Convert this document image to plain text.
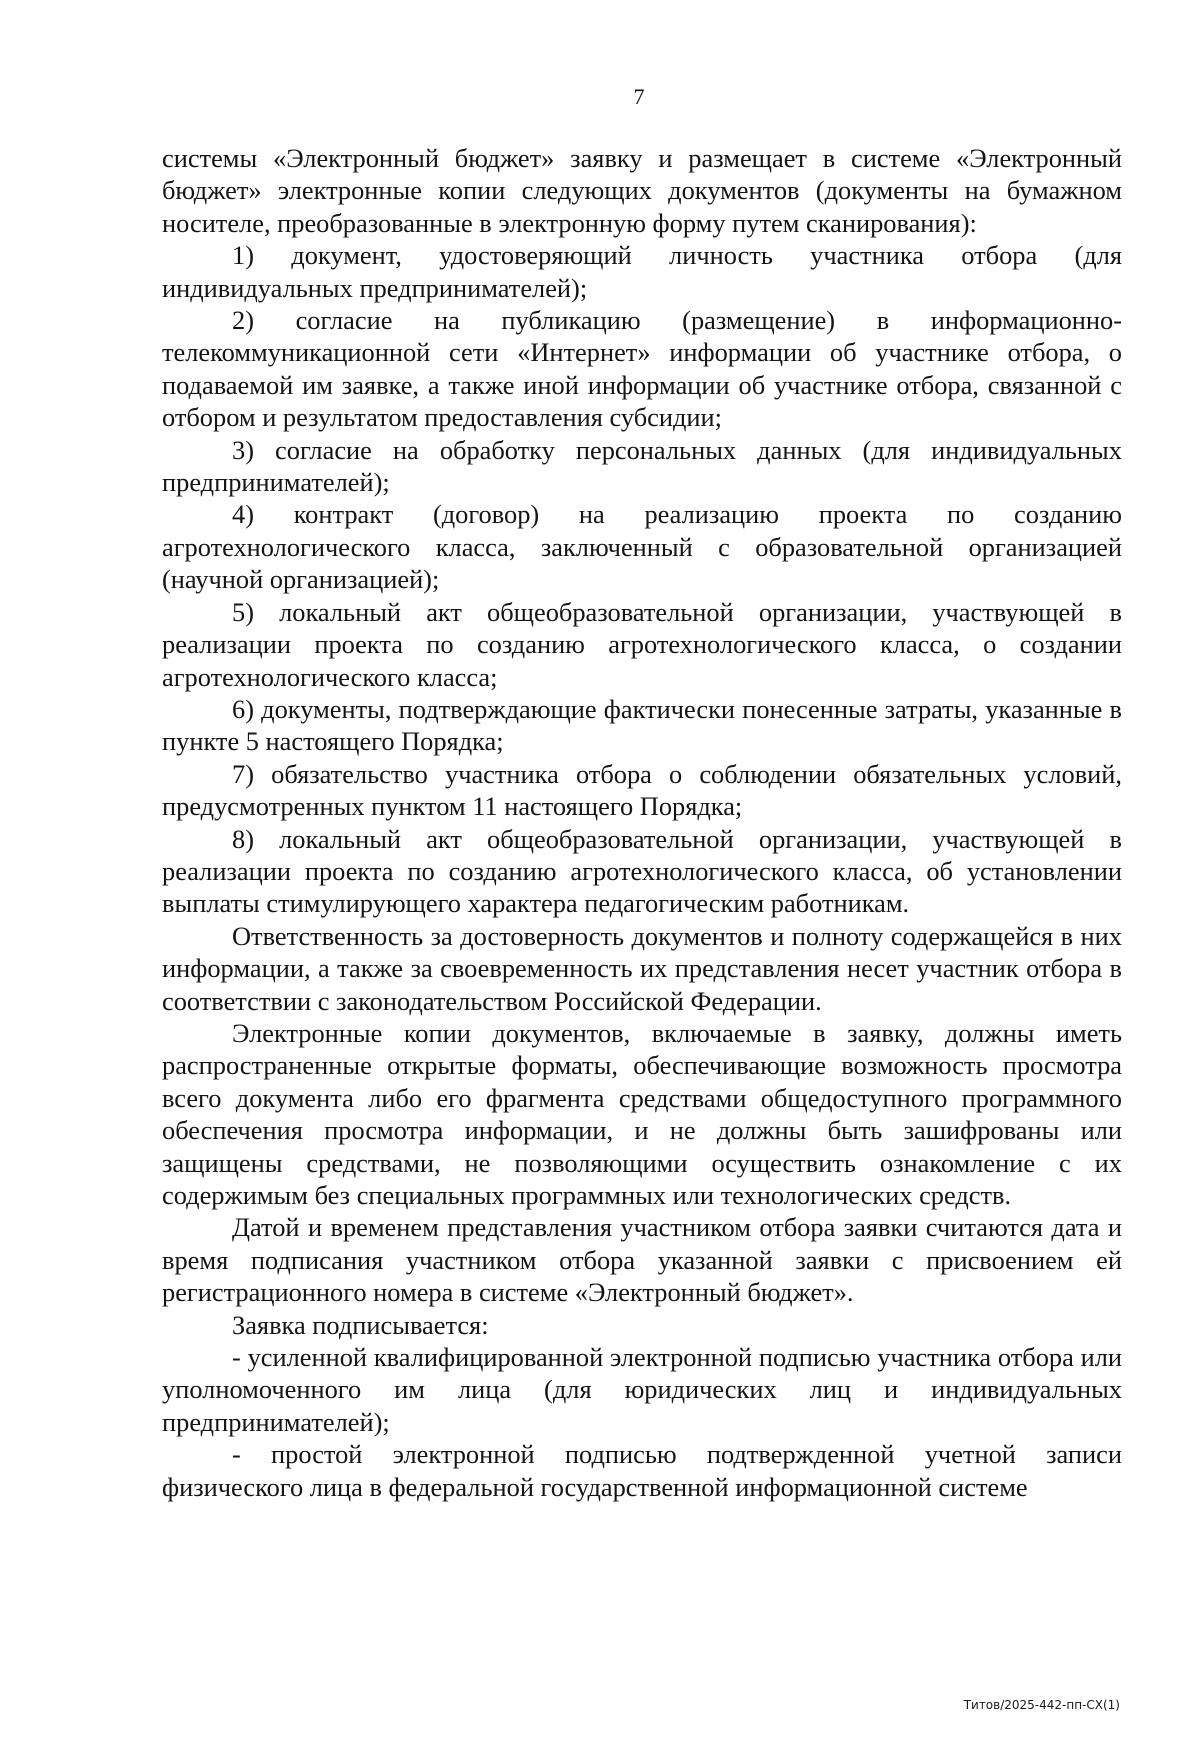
7

системы «Электронный бюджет» заявку и размещает в системе «Электронный бюджет» электронные копии следующих документов (документы на бумажном носителе, преобразованные в электронную форму путем сканирования):

1) документ, удостоверяющий личность участника отбора (для индивидуальных предпринимателей);

2) согласие на публикацию (размещение) в информационно-телекоммуникационной сети «Интернет» информации об участнике отбора, о подаваемой им заявке, а также иной информации об участнике отбора, связанной с отбором и результатом предоставления субсидии;

3) согласие на обработку персональных данных (для индивидуальных предпринимателей);

4) контракт (договор) на реализацию проекта по созданию агротехнологического класса, заключенный с образовательной организацией (научной организацией);

5) локальный акт общеобразовательной организации, участвующей в реализации проекта по созданию агротехнологического класса, о создании агротехнологического класса;

6) документы, подтверждающие фактически понесенные затраты, указанные в пункте 5 настоящего Порядка;

7) обязательство участника отбора о соблюдении обязательных условий, предусмотренных пунктом 11 настоящего Порядка;

8) локальный акт общеобразовательной организации, участвующей в реализации проекта по созданию агротехнологического класса, об установлении выплаты стимулирующего характера педагогическим работникам.

Ответственность за достоверность документов и полноту содержащейся в них информации, а также за своевременность их представления несет участник отбора в соответствии с законодательством Российской Федерации.

Электронные копии документов, включаемые в заявку, должны иметь распространенные открытые форматы, обеспечивающие возможность просмотра всего документа либо его фрагмента средствами общедоступного программного обеспечения просмотра информации, и не должны быть зашифрованы или защищены средствами, не позволяющими осуществить ознакомление с их содержимым без специальных программных или технологических средств.

Датой и временем представления участником отбора заявки считаются дата и время подписания участником отбора указанной заявки с присвоением ей регистрационного номера в системе «Электронный бюджет».

Заявка подписывается:

- усиленной квалифицированной электронной подписью участника отбора или уполномоченного им лица (для юридических лиц и индивидуальных предпринимателей);

- простой электронной подписью подтвержденной учетной записи физического лица в федеральной государственной информационной системе

Титов/2025-442-пп-СХ(1)
